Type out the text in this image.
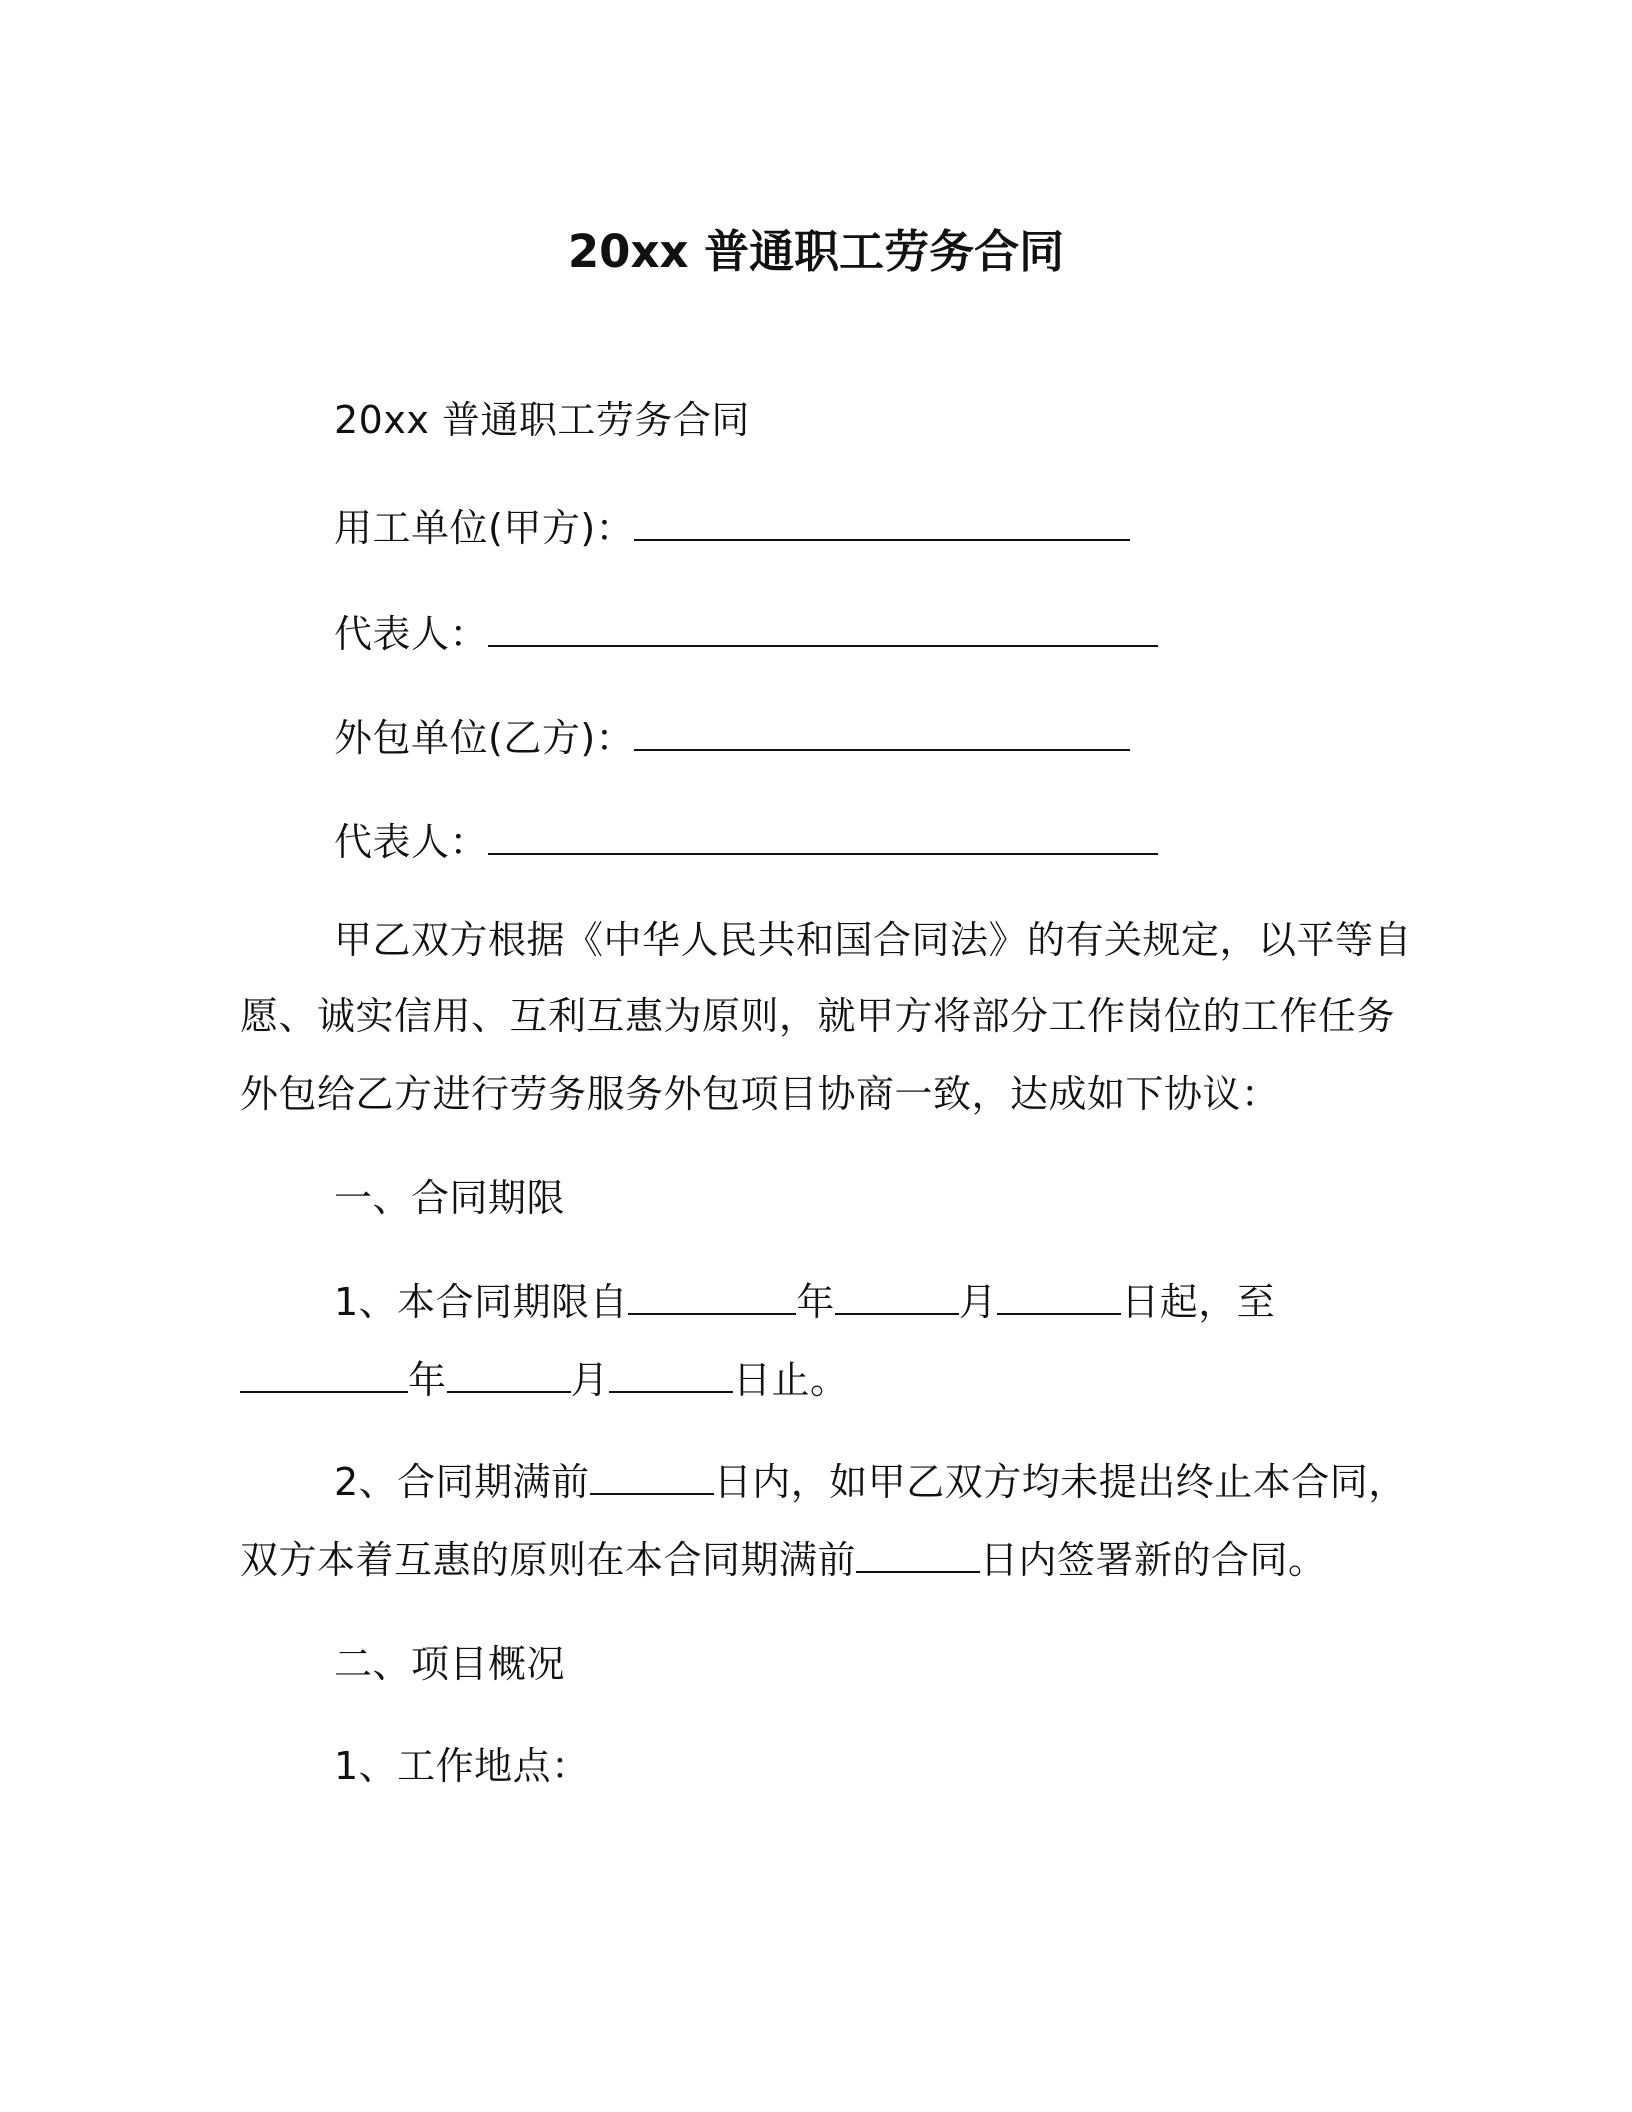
20xx 普通职工劳务合同
20xx 普通职工劳务合同
用工单位(甲方)：
代表人：
外包单位(乙方)：
代表人：
甲乙双方根据《中华人民共和国合同法》的有关规定，以平等自
愿、诚实信用、互利互惠为原则，就甲方将部分工作岗位的工作任务
外包给乙方进行劳务服务外包项目协商一致，达成如下协议：
一、合同期限
1、本合同期限自	年	月	日起，至
年	月	日止。
2、合同期满前	日内，如甲乙双方均未提出终止本合同，
双方本着互惠的原则在本合同期满前	日内签署新的合同。
二、项目概况
1、工作地点：
